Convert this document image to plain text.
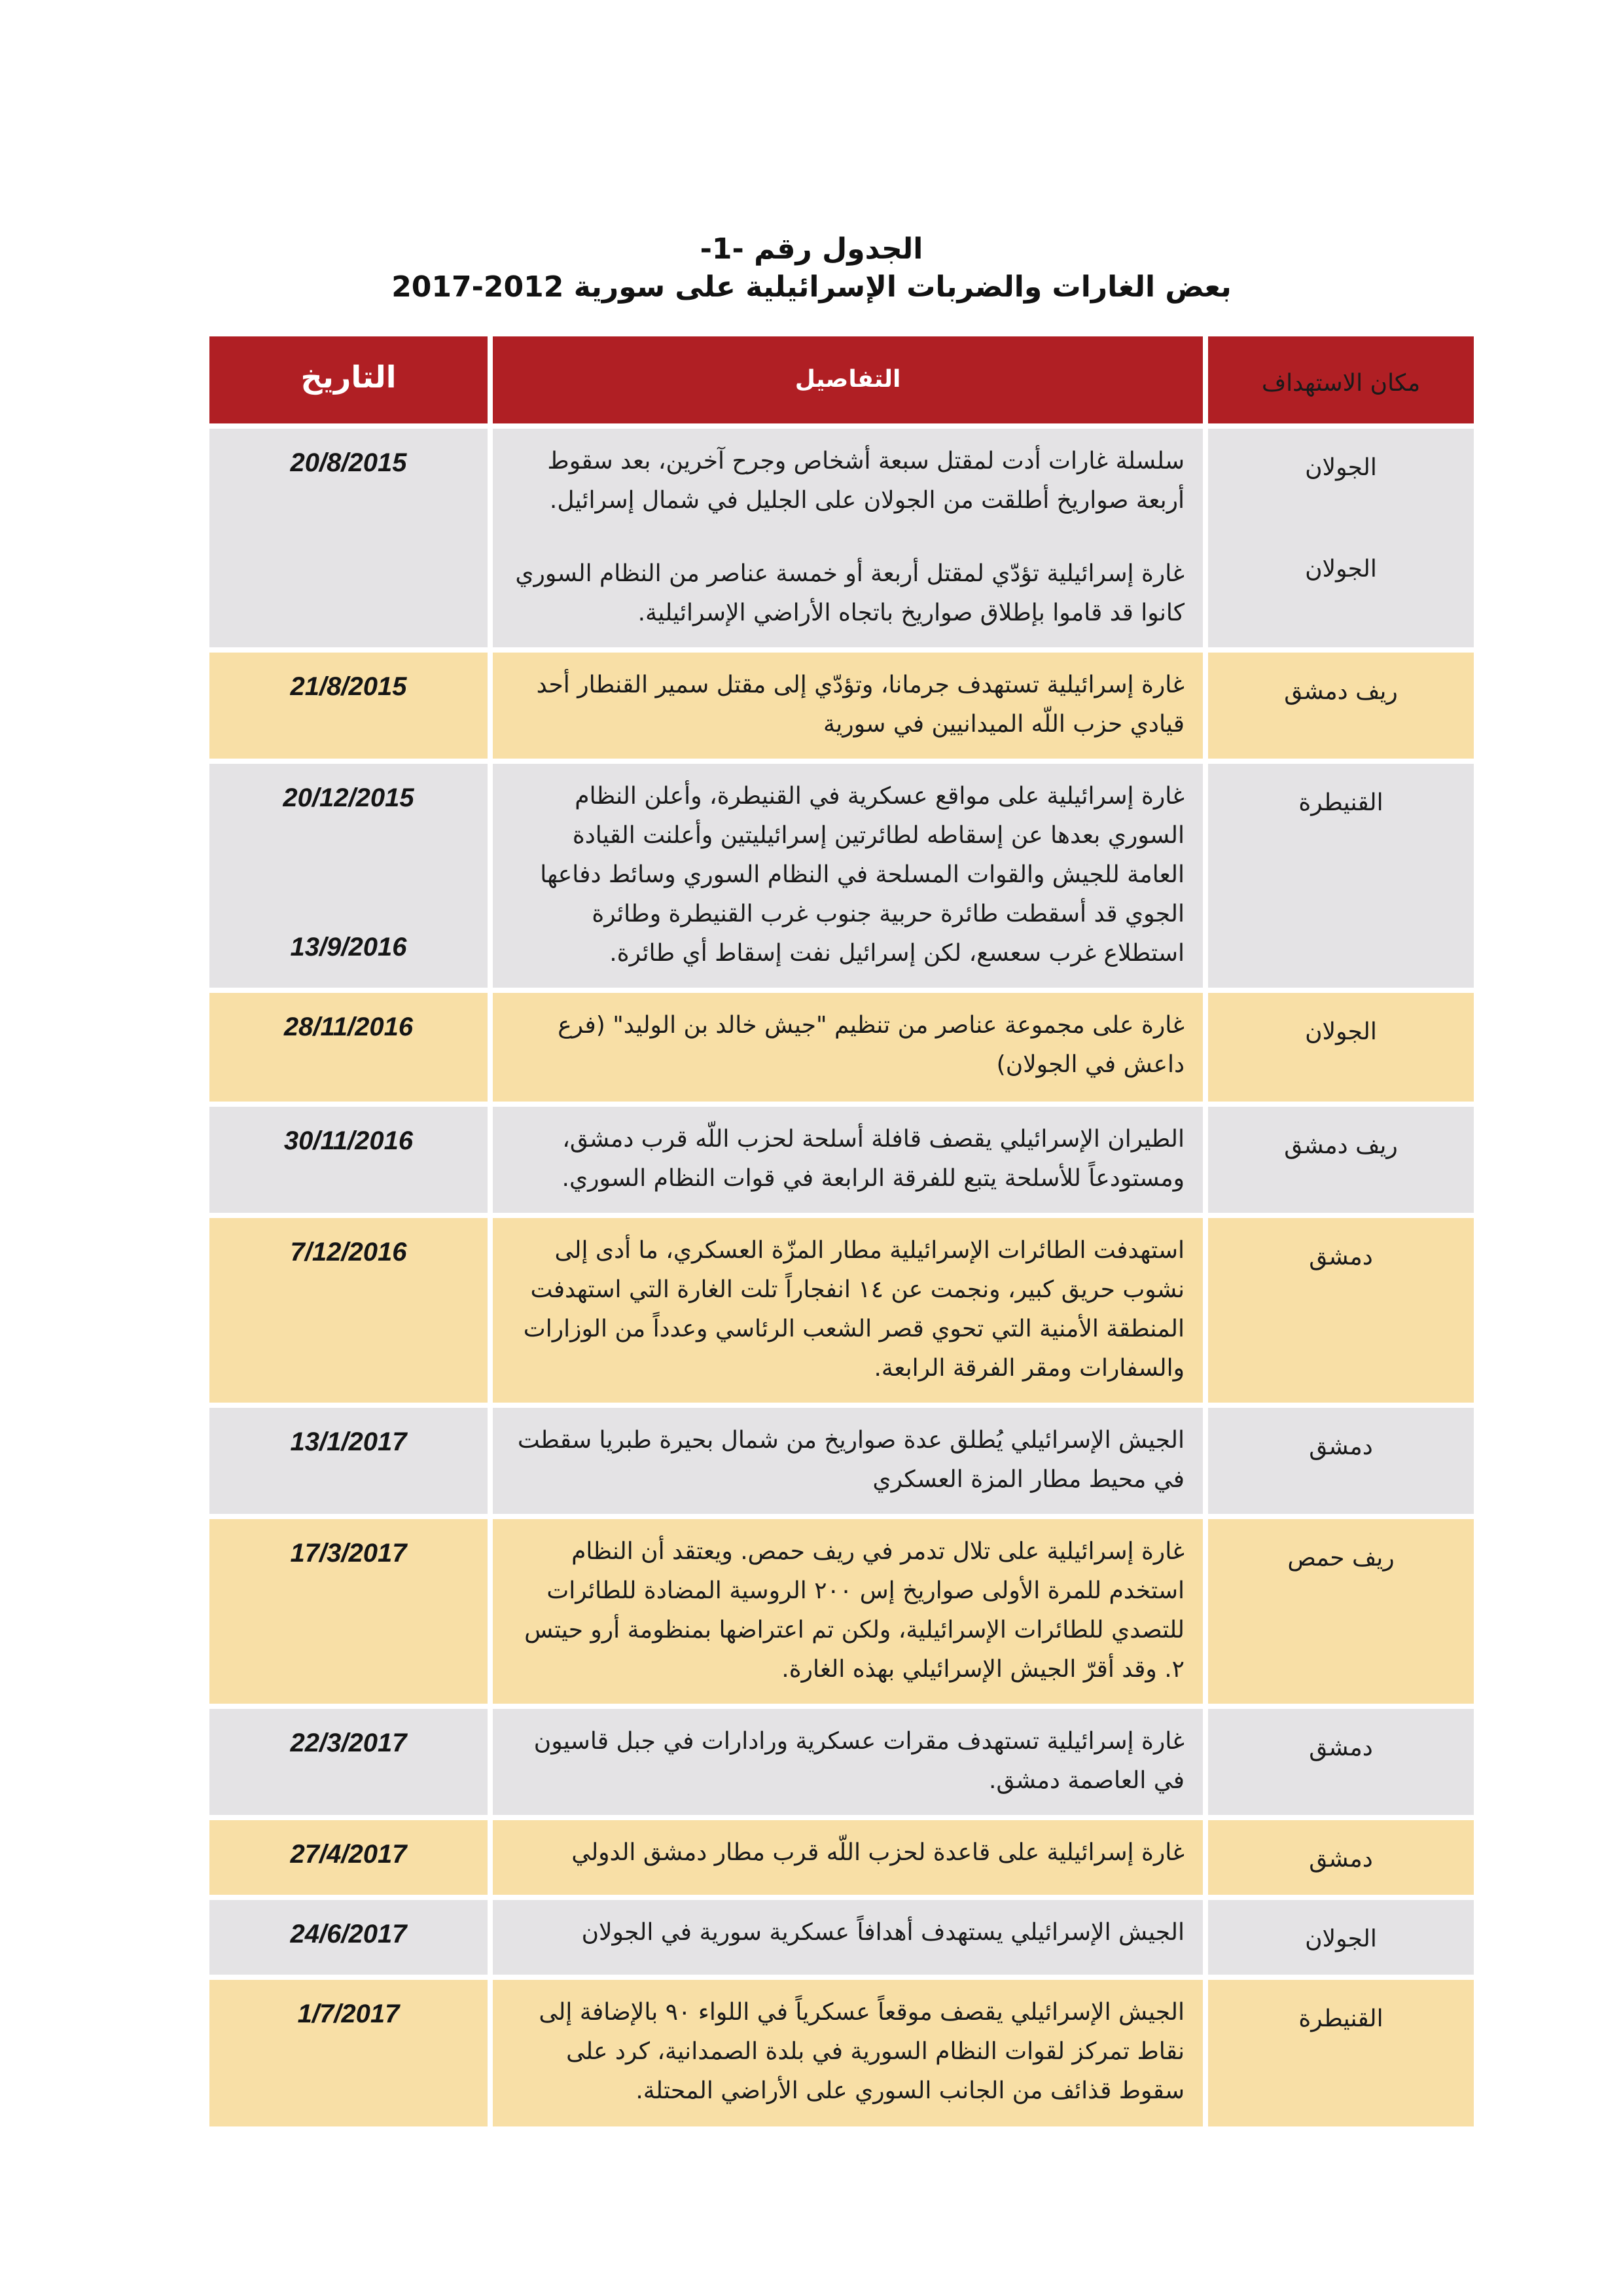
الجدول رقم -1-
بعض الغارات والضربات الإسرائيلية على سورية 2012-2017
مكان الاستهداف
التفاصيل
التاريخ
الجولان
الجولان

سلسلة غارات أدت لمقتل سبعة أشخاص وجرح آخرين، بعد سقوط أربعة صواريخ أطلقت من الجولان على الجليل في شمال إسرائيل.

غارة إسرائيلية تؤدّي لمقتل أربعة أو خمسة عناصر من النظام السوري كانوا قد قاموا بإطلاق صواريخ باتجاه الأراضي الإسرائيلية.

20/8/2015
ريف دمشق

غارة إسرائيلية تستهدف جرمانا، وتؤدّي إلى مقتل سمير القنطار أحد قيادي حزب اللّه الميدانيين في سورية

21/8/2015
القنيطرة

غارة إسرائيلية على مواقع عسكرية في القنيطرة، وأعلن النظام السوري بعدها عن إسقاطه لطائرتين إسرائيليتين وأعلنت القيادة العامة للجيش والقوات المسلحة في النظام السوري وسائط دفاعها الجوي قد أسقطت طائرة حربية جنوب غرب القنيطرة وطائرة استطلاع غرب سعسع، لكن إسرائيل نفت إسقاط أي طائرة.

20/12/2015
13/9/2016
الجولان

غارة على مجموعة عناصر من تنظيم "جيش خالد بن الوليد" (فرع داعش في الجولان)

28/11/2016
ريف دمشق

الطيران الإسرائيلي يقصف قافلة أسلحة لحزب اللّه قرب دمشق، ومستودعاً للأسلحة يتبع للفرقة الرابعة في قوات النظام السوري.

30/11/2016
دمشق

استهدفت الطائرات الإسرائيلية مطار المزّة العسكري، ما أدى إلى نشوب حريق كبير، ونجمت عن ١٤ انفجاراً تلت الغارة التي استهدفت المنطقة الأمنية التي تحوي قصر الشعب الرئاسي وعدداً من الوزارات والسفارات ومقر الفرقة الرابعة.

7/12/2016
دمشق

الجيش الإسرائيلي يُطلق عدة صواريخ من شمال بحيرة طبريا سقطت في محيط مطار المزة العسكري

13/1/2017
ريف حمص

غارة إسرائيلية على تلال تدمر في ريف حمص. ويعتقد أن النظام استخدم للمرة الأولى صواريخ إس ٢٠٠ الروسية المضادة للطائرات للتصدي للطائرات الإسرائيلية، ولكن تم اعتراضها بمنظومة أرو حيتس ٢. وقد أقرّ الجيش الإسرائيلي بهذه الغارة.

17/3/2017
دمشق

غارة إسرائيلية تستهدف مقرات عسكرية ورادارات في جبل قاسيون في العاصمة دمشق.

22/3/2017
دمشق

غارة إسرائيلية على قاعدة لحزب اللّه قرب مطار دمشق الدولي

27/4/2017
الجولان

الجيش الإسرائيلي يستهدف أهدافاً عسكرية سورية في الجولان

24/6/2017
القنيطرة

الجيش الإسرائيلي يقصف موقعاً عسكرياً في اللواء ٩٠ بالإضافة إلى نقاط تمركز لقوات النظام السورية في بلدة الصمدانية، كرد على سقوط قذائف من الجانب السوري على الأراضي المحتلة.

1/7/2017
